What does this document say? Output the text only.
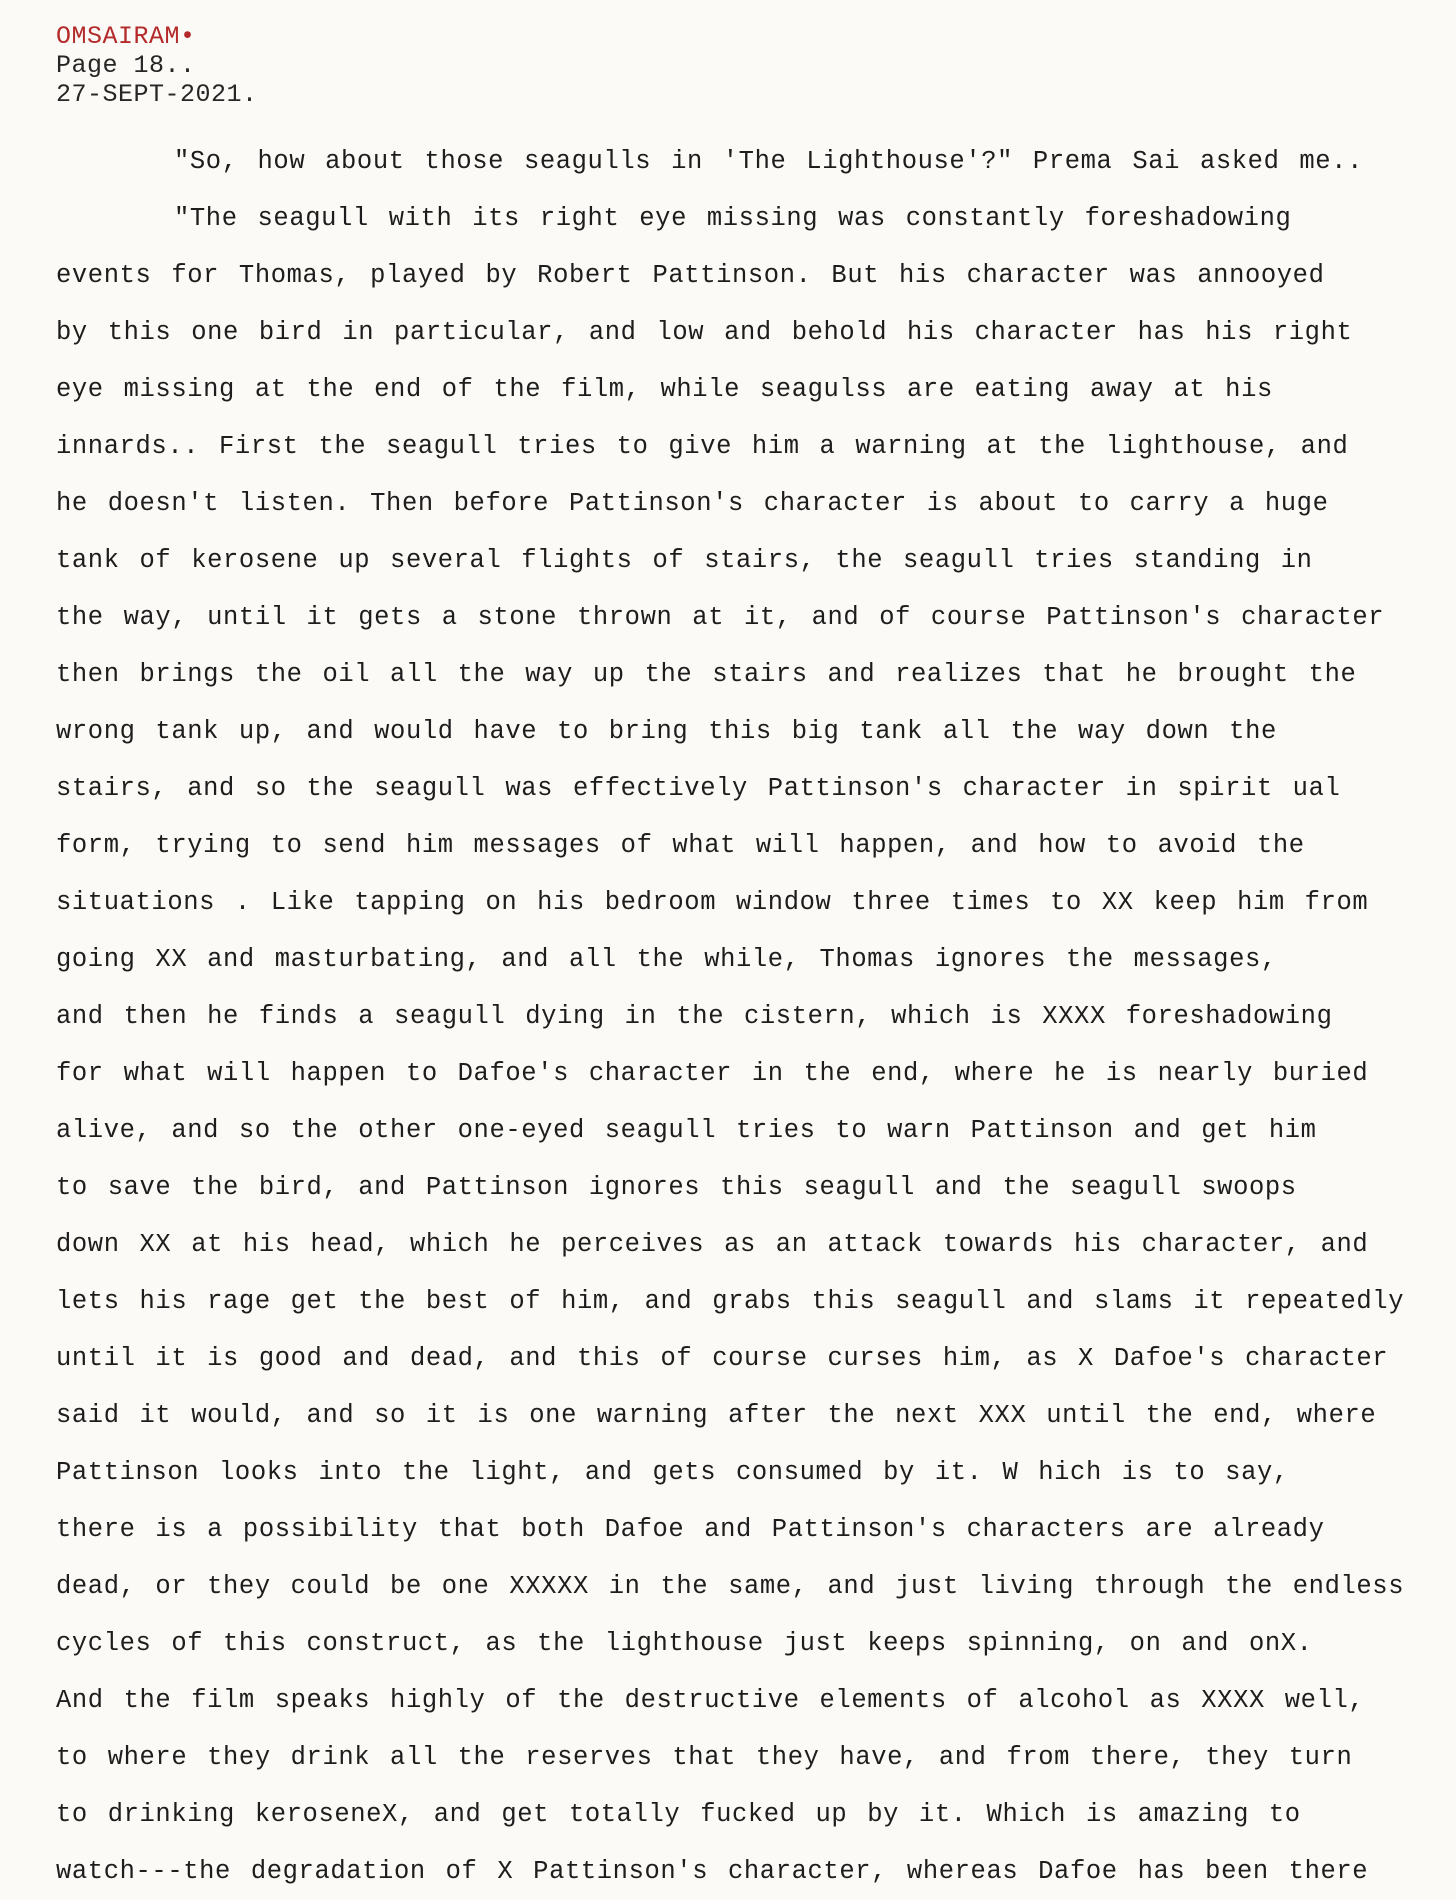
OMSAIRAM•
Page 18..
27-SEPT-2021.
"So, how about those seagulls in 'The Lighthouse'?" Prema Sai asked me..
"The seagull with its right eye missing was constantly foreshadowing
events for Thomas, played by Robert Pattinson. But his character was annooyed
by this one bird in particular, and low and behold his character has his right
eye missing at the end of the film, while seagulss are eating away at his
innards.. First the seagull tries to give him a warning at the lighthouse, and
he doesn't listen. Then before Pattinson's character is about to carry a huge
tank of kerosene up several flights of stairs, the seagull tries standing in
the way, until it gets a stone thrown at it, and of course Pattinson's character
then brings the oil all the way up the stairs and realizes that he brought the
wrong tank up, and would have to bring this big tank all the way down the
stairs, and so the seagull was effectively Pattinson's character in spirit ual
form, trying to send him messages of what will happen, and how to avoid the
situations . Like tapping on his bedroom window three times to XX keep him from
going XX and masturbating, and all the while, Thomas ignores the messages,
and then he finds a seagull dying in the cistern, which is XXXX foreshadowing
for what will happen to Dafoe's character in the end, where he is nearly buried
alive, and so the other one-eyed seagull tries to warn Pattinson and get him
to save the bird, and Pattinson ignores this seagull and the seagull swoops
down XX at his head, which he perceives as an attack towards his character, and
lets his rage get the best of him, and grabs this seagull and slams it repeatedly
until it is good and dead, and this of course curses him, as X Dafoe's character
said it would, and so it is one warning after the next XXX until the end, where
Pattinson looks into the light, and gets consumed by it. W hich is to say,
there is a possibility that both Dafoe and Pattinson's characters are already
dead, or they could be one XXXXX in the same, and just living through the endless
cycles of this construct, as the lighthouse just keeps spinning, on and onX.
And the film speaks highly of the destructive elements of alcohol as XXXX well,
to where they drink all the reserves that they have, and from there, they turn
to drinking keroseneX, and get totally fucked up by it. Which is amazing to
watch---the degradation of X Pattinson's character, whereas Dafoe has been there
